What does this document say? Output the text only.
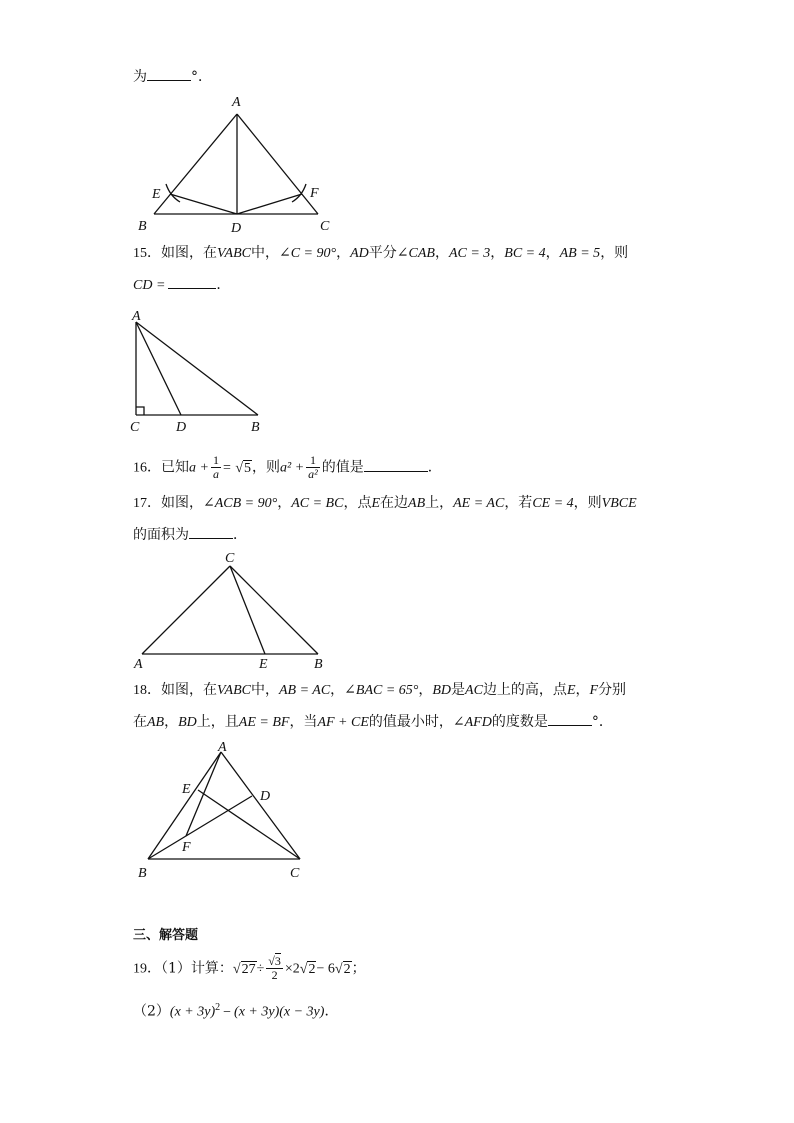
为	°．
A
B	C
D
E	F
15．如图，在VABC中，∠C = 90°，AD平分∠CAB，AC = 3，BC = 4，AB = 5，则
CD =	．
A
C	D	B
16．已知$a + \frac{1}{a} = √5$，则$a^2 + \frac{1}{\text{a²}}$ 的值是	．
17．如图，∠ACB = 90°，AC = BC，点E在边AB上，AE = AC，若CE = 4，则VBCE
的面积为	．
C
A	E	B
18．如图，在VABC中，AB = AC，∠BAC = 65°，BD是AC边上的高，点E，F分别
在AB，BD上，且AE = BF，当AF + CE的值最小时，∠AFD的度数是	°．
A
E	D
F
B	C
三、解答题
19．（1）计算：$√27\div \frac{√3}{2} \times 2√2- 6√2$；
$(2)(x + 3y)^2 - (x + 3y)(x - 3y)$．
